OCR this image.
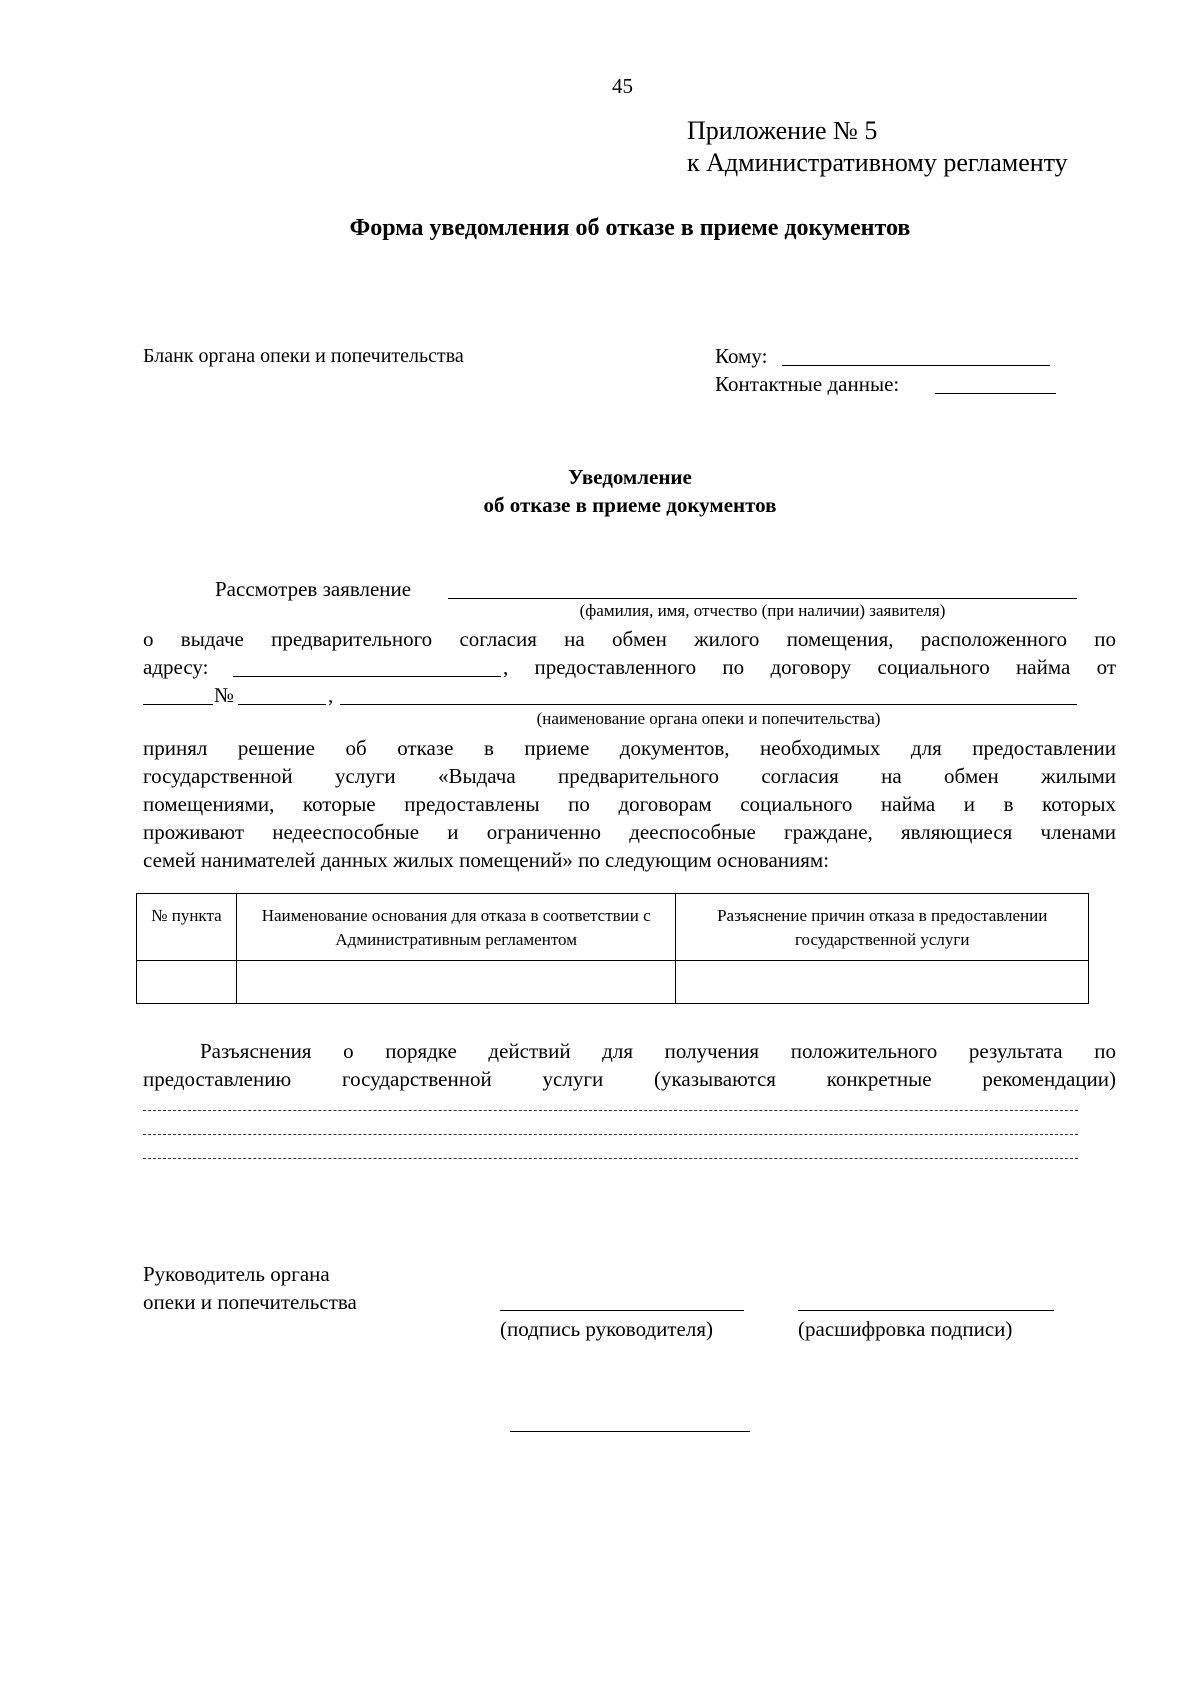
45
Приложение № 5
к Административному регламенту
Форма уведомления об отказе в приеме документов
Бланк органа опеки и попечительства	Кому:
Контактные данные:
Уведомление
об отказе в приеме документов
Рассмотрев заявление
(фамилия, имя, отчество (при наличии) заявителя)
о выдаче предварительного согласия на обмен жилого помещения, расположенного по
адресу:	, предоставленного по договору социального найма от
№	,
(наименование органа опеки и попечительства)
принял решение об отказе в приеме документов, необходимых для предоставлении
государственной услуги «Выдача предварительного согласия на обмен жилыми
помещениями, которые предоставлены по договорам социального найма и в которых
проживают недееспособные и ограниченно дееспособные граждане, являющиеся членами
семей нанимателей данных жилых помещений» по следующим основаниям:
№ пункта	Наименование основания для отказа в соответствии с Административным регламентом	Разъяснение причин отказа в предоставлении государственной услуги

Разъяснения о порядке действий для получения положительного результата по
предоставлению государственной услуги (указываются конкретные рекомендации)
Руководитель органа
опеки и попечительства
(подпись руководителя)	(расшифровка подписи)
